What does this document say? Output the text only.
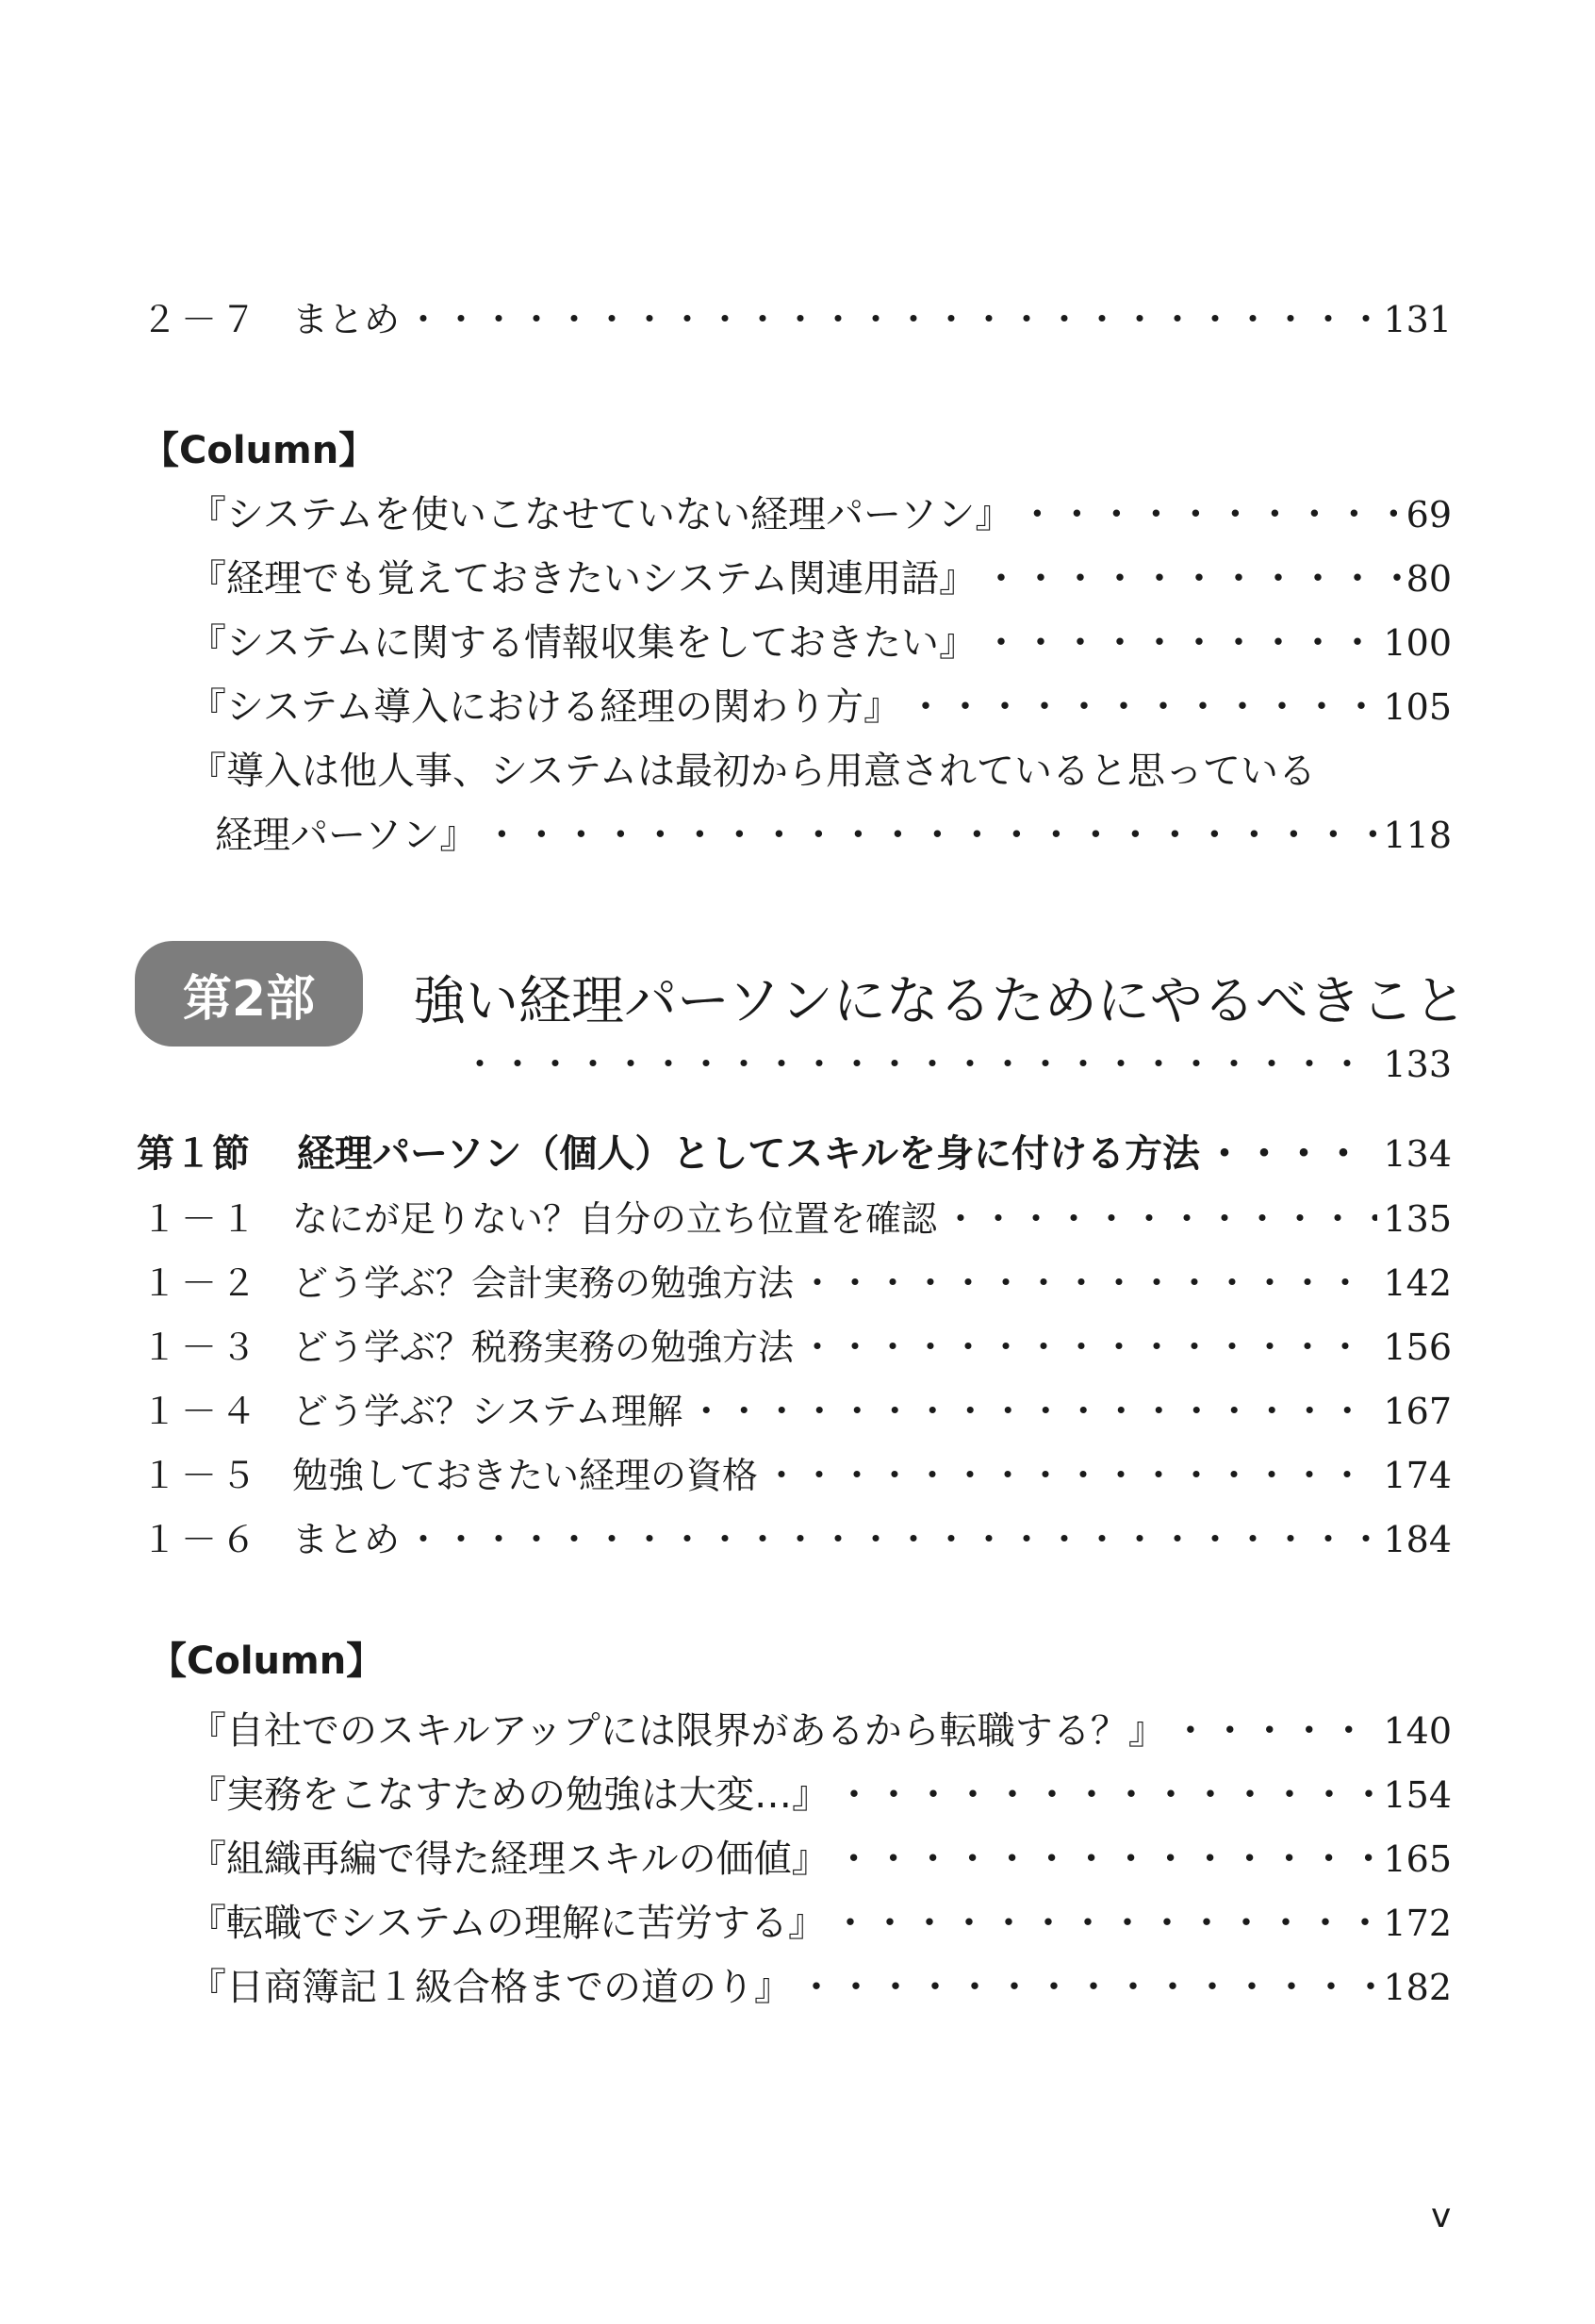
２－７ まとめ ・・・・・・・・・・・・・・・・・・・・・・・・・・・・・・・・・・・・・・・・・・・・・・・・・・・・・・・・・・・・・・・・・・・・・・・・・・・・・・・・・・・・	131
【Column】
『システムを使いこなせていない経理パーソン』 ・・・・・・・・・・・・・・・・・・・・・・・・・・・・・・・・・・・・・・・・・・・・・・・・・・・・・・・・・・・・・・・・・・・・・・・・・・・・・・・・・・・・	69
『経理でも覚えておきたいシステム関連用語』 ・・・・・・・・・・・・・・・・・・・・・・・・・・・・・・・・・・・・・・・・・・・・・・・・・・・・・・・・・・・・・・・・・・・・・・・・・・・・・・・・・・・・	80
『システムに関する情報収集をしておきたい』 ・・・・・・・・・・・・・・・・・・・・・・・・・・・・・・・・・・・・・・・・・・・・・・・・・・・・・・・・・・・・・・・・・・・・・・・・・・・・・・・・・・・・	100
『システム導入における経理の関わり方』 ・・・・・・・・・・・・・・・・・・・・・・・・・・・・・・・・・・・・・・・・・・・・・・・・・・・・・・・・・・・・・・・・・・・・・・・・・・・・・・・・・・・・	105
『導入は他人事、システムは最初から用意されていると思っている
経理パーソン』 ・・・・・・・・・・・・・・・・・・・・・・・・・・・・・・・・・・・・・・・・・・・・・・・・・・・・・・・・・・・・・・・・・・・・・・・・・・・・・・・・・・・・	118
第2部	強い経理パーソンになるためにやるべきこと
・・・・・・・・・・・・・・・・・・・・・・・・・・・・・・・・・・・・・・・・・・・・・・・・・・・・・・・・・・・・・・・・・・・・・・・・・・・・・・・・・・・・
133
第１節	経理パーソン（個人）としてスキルを身に付ける方法 ・・・・・・・・・・・・・・・・・・・・・・・・・・・・・・・・・・・・・・・・・・・・・・・・・・・・・・・・・・・・・・・・・・・・・・・・・・・・・・・・・・・・	134
１－１ なにが足りない？自分の立ち位置を確認 ・・・・・・・・・・・・・・・・・・・・・・・・・・・・・・・・・・・・・・・・・・・・・・・・・・・・・・・・・・・・・・・・・・・・・・・・・・・・・・・・・・・・	135
１－２ どう学ぶ？会計実務の勉強方法 ・・・・・・・・・・・・・・・・・・・・・・・・・・・・・・・・・・・・・・・・・・・・・・・・・・・・・・・・・・・・・・・・・・・・・・・・・・・・・・・・・・・・	142
１－３ どう学ぶ？税務実務の勉強方法 ・・・・・・・・・・・・・・・・・・・・・・・・・・・・・・・・・・・・・・・・・・・・・・・・・・・・・・・・・・・・・・・・・・・・・・・・・・・・・・・・・・・・	156
１－４ どう学ぶ？システム理解 ・・・・・・・・・・・・・・・・・・・・・・・・・・・・・・・・・・・・・・・・・・・・・・・・・・・・・・・・・・・・・・・・・・・・・・・・・・・・・・・・・・・・	167
１－５ 勉強しておきたい経理の資格 ・・・・・・・・・・・・・・・・・・・・・・・・・・・・・・・・・・・・・・・・・・・・・・・・・・・・・・・・・・・・・・・・・・・・・・・・・・・・・・・・・・・・	174
１－６ まとめ ・・・・・・・・・・・・・・・・・・・・・・・・・・・・・・・・・・・・・・・・・・・・・・・・・・・・・・・・・・・・・・・・・・・・・・・・・・・・・・・・・・・・	184
【Column】
『自社でのスキルアップには限界があるから転職する？』 ・・・・・・・・・・・・・・・・・・・・・・・・・・・・・・・・・・・・・・・・・・・・・・・・・・・・・・・・・・・・・・・・・・・・・・・・・・・・・・・・・・・・	140
『実務をこなすための勉強は大変…』 ・・・・・・・・・・・・・・・・・・・・・・・・・・・・・・・・・・・・・・・・・・・・・・・・・・・・・・・・・・・・・・・・・・・・・・・・・・・・・・・・・・・・	154
『組織再編で得た経理スキルの価値』 ・・・・・・・・・・・・・・・・・・・・・・・・・・・・・・・・・・・・・・・・・・・・・・・・・・・・・・・・・・・・・・・・・・・・・・・・・・・・・・・・・・・・	165
『転職でシステムの理解に苦労する』 ・・・・・・・・・・・・・・・・・・・・・・・・・・・・・・・・・・・・・・・・・・・・・・・・・・・・・・・・・・・・・・・・・・・・・・・・・・・・・・・・・・・・	172
『日商簿記１級合格までの道のり』 ・・・・・・・・・・・・・・・・・・・・・・・・・・・・・・・・・・・・・・・・・・・・・・・・・・・・・・・・・・・・・・・・・・・・・・・・・・・・・・・・・・・・	182
v
